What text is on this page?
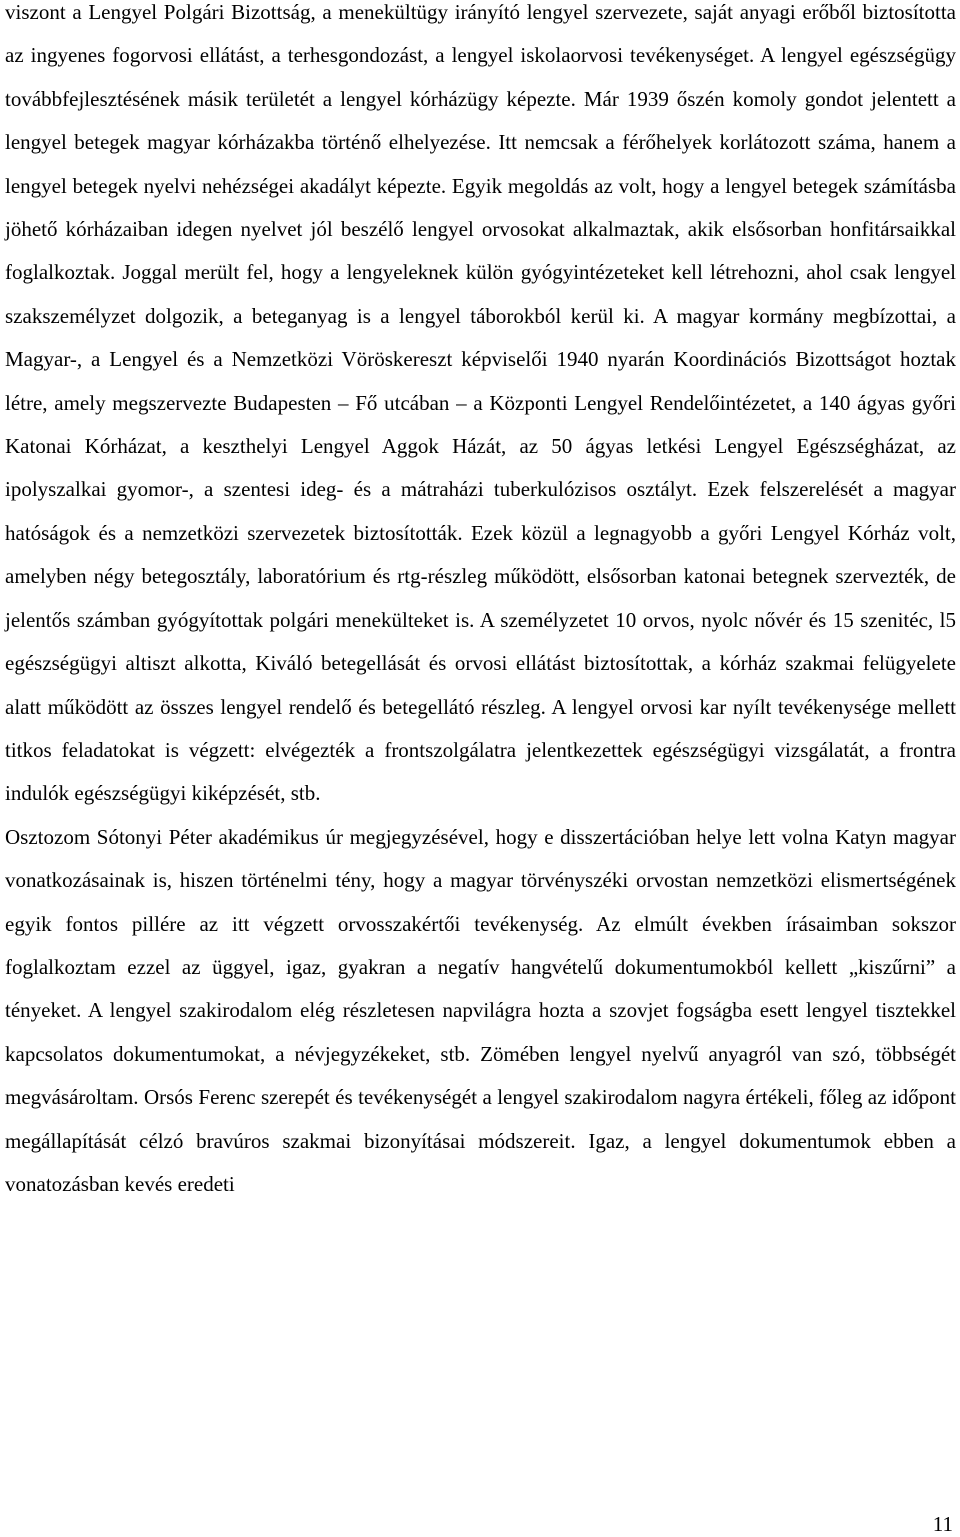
viszont a Lengyel Polgári Bizottság, a menekültügy irányító lengyel szervezete, saját anyagi erőből biztosította az ingyenes fogorvosi ellátást, a terhesgondozást, a lengyel iskolaorvosi tevékenységet. A lengyel egészségügy továbbfejlesztésének másik területét a lengyel kórházügy képezte. Már 1939 őszén komoly gondot jelentett a lengyel betegek magyar kórházakba történő elhelyezése. Itt nemcsak a férőhelyek korlátozott száma, hanem a lengyel betegek nyelvi nehézségei akadályt képezte. Egyik megoldás az volt, hogy a lengyel betegek számításba jöhető kórházaiban idegen nyelvet jól beszélő lengyel orvosokat alkalmaztak, akik elsősorban honfitársaikkal foglalkoztak. Joggal merült fel, hogy a lengyeleknek külön gyógyintézeteket kell létrehozni, ahol csak lengyel szakszemélyzet dolgozik, a beteganyag is a lengyel táborokból kerül ki. A magyar kormány megbízottai, a Magyar-, a Lengyel és a Nemzetközi Vöröskereszt képviselői 1940 nyarán Koordinációs Bizottságot hoztak létre, amely megszervezte Budapesten – Fő utcában – a Központi Lengyel Rendelőintézetet, a 140 ágyas győri Katonai Kórházat, a keszthelyi Lengyel Aggok Házát, az 50 ágyas letkési Lengyel Egészségházat, az ipolyszalkai gyomor-, a szentesi ideg- és a mátraházi tuberkulózisos osztályt. Ezek felszerelését a magyar hatóságok és a nemzetközi szervezetek biztosították. Ezek közül a legnagyobb a győri Lengyel Kórház volt, amelyben négy betegosztály, laboratórium és rtg-részleg működött, elsősorban katonai betegnek szervezték, de jelentős számban gyógyítottak polgári menekülteket is. A személyzetet 10 orvos, nyolc nővér és 15 szenitéc, l5 egészségügyi altiszt alkotta, Kiváló betegellását és orvosi ellátást biztosítottak, a kórház szakmai felügyelete alatt működött az összes lengyel rendelő és betegellátó részleg. A lengyel orvosi kar nyílt tevékenysége mellett titkos feladatokat is végzett: elvégezték a frontszolgálatra jelentkezettek egészségügyi vizsgálatát, a frontra indulók egészségügyi kiképzését, stb.

Osztozom Sótonyi Péter akadémikus úr megjegyzésével, hogy e disszertációban helye lett volna Katyn magyar vonatkozásainak is, hiszen történelmi tény, hogy a magyar törvényszéki orvostan nemzetközi elismertségének egyik fontos pillére az itt végzett orvosszakértői tevékenység. Az elmúlt években írásaimban sokszor foglalkoztam ezzel az üggyel, igaz, gyakran a negatív hangvételű dokumentumokból kellett „kiszűrni” a tényeket. A lengyel szakirodalom elég részletesen napvilágra hozta a szovjet fogságba esett lengyel tisztekkel kapcsolatos dokumentumokat, a névjegyzékeket, stb. Zömében lengyel nyelvű anyagról van szó, többségét megvásároltam. Orsós Ferenc szerepét és tevékenységét a lengyel szakirodalom nagyra értékeli, főleg az időpont megállapítását célzó bravúros szakmai bizonyításai módszereit. Igaz, a lengyel dokumentumok ebben a vonatozásban kevés eredeti

11
